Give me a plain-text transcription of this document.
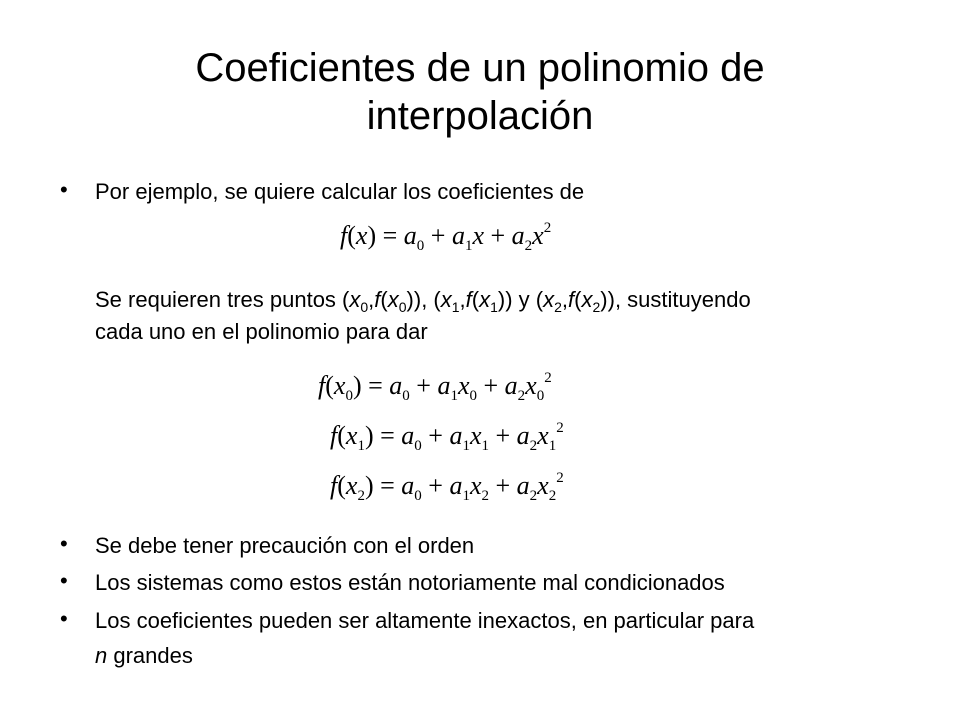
Coeficientes de un polinomio de
interpolación
• Por ejemplo, se quiere calcular los coeficientes de
$f(x) = a_0 + a_1x + a_2x^2$
Se requieren tres puntos $(x_0,f(x_0))$, $(x_1,f(x_1))$ y $(x_2,f(x_2))$, sustituyendo
cada uno en el polinomio para dar
$f(x_0) = a_0 + a_1x_0 + a_2x_0^2$
$f(x_1) = a_0 + a_1x_1 + a_2x_1^2$
$f(x_2) = a_0 + a_1x_2 + a_2x_2^2$
• Se debe tener precaución con el orden
• Los sistemas como estos están notoriamente mal condicionados
• Los coeficientes pueden ser altamente inexactos, en particular para
n grandes
